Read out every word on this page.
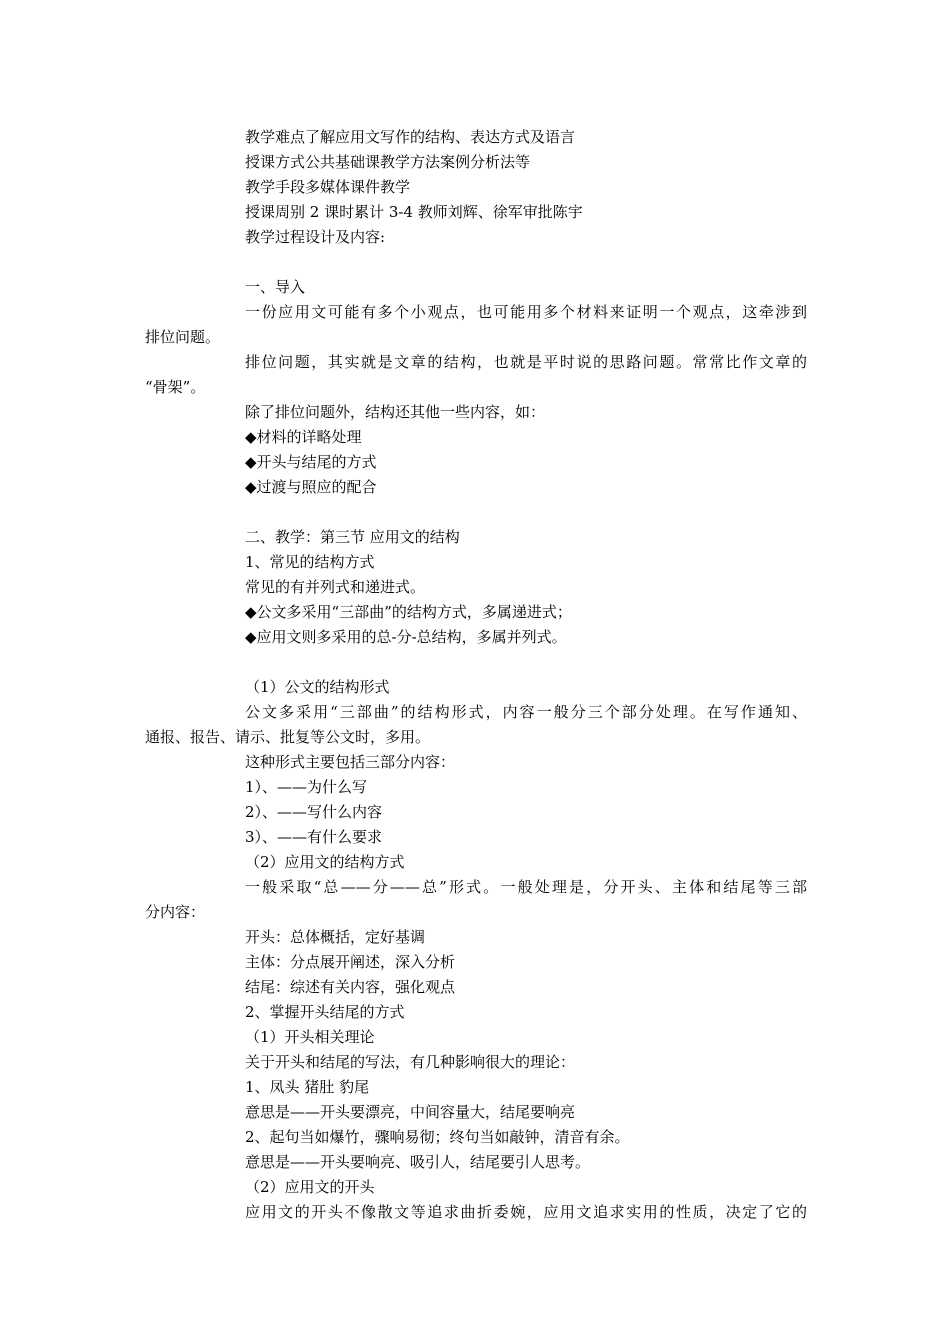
教学难点了解应用文写作的结构、表达方式及语言
授课方式公共基础课教学方法案例分析法等
教学手段多媒体课件教学
授课周别 2 课时累计 3-4 教师刘辉、徐军审批陈宇
教学过程设计及内容:
一、导入
一份应用文可能有多个小观点，也可能用多个材料来证明一个观点，这牵涉到
排位问题。
排位问题，其实就是文章的结构，也就是平时说的思路问题。常常比作文章的
“骨架”。
除了排位问题外，结构还其他一些内容，如：
◆材料的详略处理
◆开头与结尾的方式
◆过渡与照应的配合
二、教学：第三节 应用文的结构
1、常见的结构方式
常见的有并列式和递进式。
◆公文多采用“三部曲”的结构方式，多属递进式；
◆应用文则多采用的总-分-总结构，多属并列式。
（1）公文的结构形式
公文多采用“三部曲”的结构形式，内容一般分三个部分处理。在写作通知、
通报、报告、请示、批复等公文时，多用。
这种形式主要包括三部分内容：
1）、——为什么写
2）、——写什么内容
3）、——有什么要求
（2）应用文的结构方式
一般采取“总——分——总”形式。一般处理是，分开头、主体和结尾等三部
分内容：
开头：总体概括，定好基调
主体：分点展开阐述，深入分析
结尾：综述有关内容，强化观点
2、掌握开头结尾的方式
（1）开头相关理论
关于开头和结尾的写法，有几种影响很大的理论：
1、凤头 猪肚 豹尾
意思是——开头要漂亮，中间容量大，结尾要响亮
2、起句当如爆竹，骤响易彻；终句当如敲钟，清音有余。
意思是——开头要响亮、吸引人，结尾要引人思考。
（2）应用文的开头
应用文的开头不像散文等追求曲折委婉，应用文追求实用的性质，决定了它的
